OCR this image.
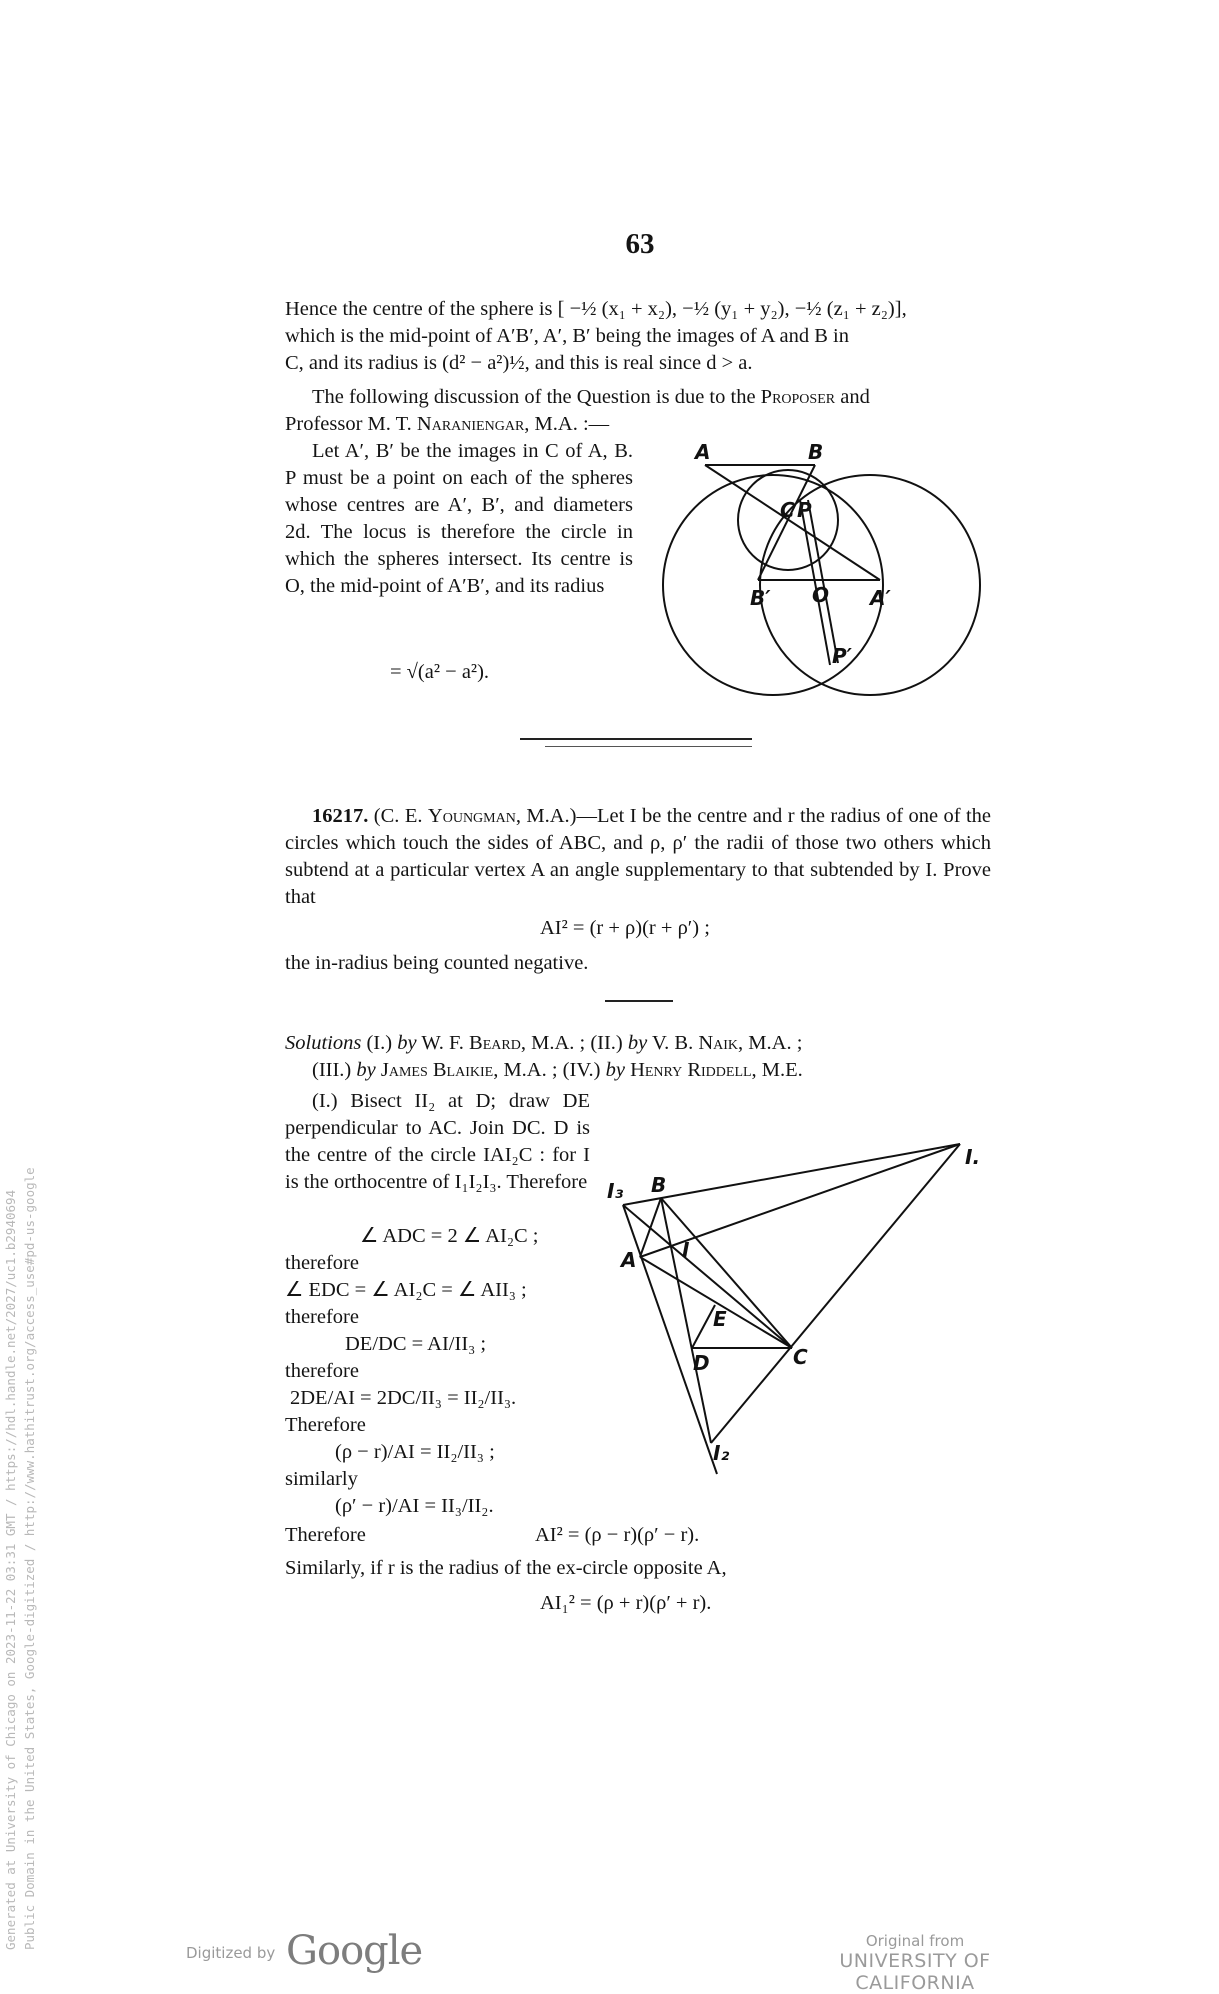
63
Hence the centre of the sphere is [ −½ (x₁ + x₂), −½ (y₁ + y₂), −½ (z₁ + z₂)],
which is the mid-point of A′B′, A′, B′ being the images of A and B in
C, and its radius is (d² − a²)½, and this is real since d > a.
The following discussion of the Question is due to the Proposer and
Professor M. T. Naraniengar, M.A. :—
Let A′, B′ be the images in C of A, B. P must be a point on each of the spheres whose centres are A′, B′, and diameters 2d. The locus is therefore the circle in which the spheres intersect. Its centre is O, the mid-point of A′B′, and its radius
= √(a² − a²).
A	B
C P
B′ O A′
P′
16217. (C. E. Youngman, M.A.)—Let I be the centre and r the radius of one of the circles which touch the sides of ABC, and ρ, ρ′ the radii of those two others which subtend at a particular vertex A an angle supplementary to that subtended by I. Prove that
AI² = (r + ρ)(r + ρ′) ;
the in-radius being counted negative.
Solutions (I.) by W. F. Beard, M.A. ; (II.) by V. B. Naik, M.A. ;
(III.) by James Blaikie, M.A. ; (IV.) by Henry Riddell, M.E.
(I.) Bisect II₂ at D; draw DE perpendicular to AC. Join DC. D is the centre of the circle IAI₂C : for I is the orthocentre of I₁I₂I₃. Therefore
∠ ADC = 2 ∠ AI₂C ;
therefore
∠ EDC = ∠ AI₂C = ∠ AII₃ ;
therefore
DE/DC = AI/II₃ ;
therefore
2DE/AI = 2DC/II₃ = II₂/II₃.
Therefore
(ρ − r)/AI = II₂/II₃ ;
similarly
(ρ′ − r)/AI = II₃/II₂.
Therefore	AI² = (ρ − r)(ρ′ − r).
Similarly, if r is the radius of the ex-circle opposite A,
AI₁² = (ρ + r)(ρ′ + r).
I.
I₃ B
A I
E
D	C
I₂
Generated at University of Chicago on 2023-11-22 03:31 GMT / https://hdl.handle.net/2027/uc1.b2940694 Public Domain in the United States, Google-digitized / http://www.hathitrust.org/access_use#pd-us-google
Digitized by Google	Original from
UNIVERSITY OF CALIFORNIA
